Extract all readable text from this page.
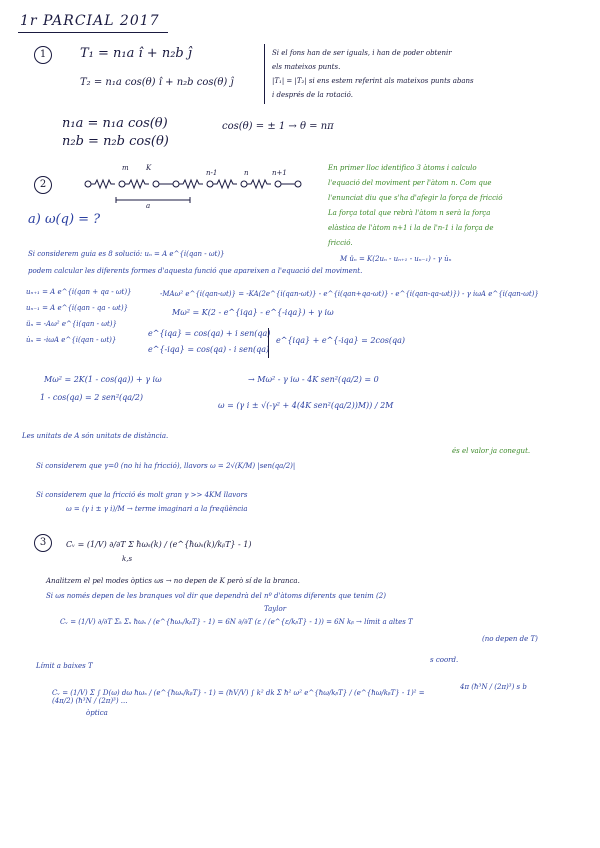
1r PARCIAL 2017
1	T₁ = n₁a î + n₂b ĵ
T₂ = n₁a cos(θ) î + n₂b cos(θ) ĵ
Si el fons han de ser iguals, i han de poder obtenir
els mateixos punts.
|T₁| = |T₂| si ens estem referint als mateixos punts abans
i després de la rotació.
n₁a = n₁a cos(θ)
n₂b = n₂b cos(θ)
cos(θ) = ± 1 → θ = nπ
2
m K
n-1	n	n+1
a
a) ω(q) = ?
En primer lloc identifico 3 àtoms i calculo
l'equació del moviment per l'àtom n. Com que
l'enunciat diu que s'ha d'afegir la força de fricció
La força total que rebrà l'àtom n serà la força
elàstica de l'àtom n+1 i la de l'n-1 i la força de
fricció.
Si considerem guia es 8 solució: uₙ = A e^{i(qan - ωt)}
M üₙ = K(2uₙ - uₙ₊₁ - uₙ₋₁) - γ u̇ₙ
podem calcular les diferents formes d'aquesta funció que apareixen a l'equació del moviment.
uₙ₊₁ = A e^{i(qan + qa - ωt)}
uₙ₋₁ = A e^{i(qan - qa - ωt)}
üₙ = -Aω² e^{i(qan - ωt)}
u̇ₙ = -iωA e^{i(qan - ωt)}
-MAω² e^{i(qan-ωt)} = -KA(2e^{i(qan-ωt)} - e^{i(qan+qa-ωt)} - e^{i(qan-qa-ωt)}) - γ iωA e^{i(qan-ωt)}
Mω² = K(2 - e^{iqa} - e^{-iqa}) + γ iω
e^{iqa} = cos(qa) + i sen(qa)
e^{-iqa} = cos(qa) - i sen(qa)
e^{iqa} + e^{-iqa} = 2cos(qa)
Mω² = 2K(1 - cos(qa)) + γ iω	→ Mω² - γ iω - 4K sen²(qa/2) = 0
1 - cos(qa) = 2 sen²(qa/2)
ω = (γ i ± √(-γ² + 4(4K sen²(qa/2))M)) / 2M
Les unitats de A són unitats de distància.
Si considerem que γ=0 (no hi ha fricció), llavors ω = 2√(K/M) |sen(qa/2)|
és el valor ja conegut.
Si considerem que la fricció és molt gran γ >> 4KM llavors
ω = (γ i ± γ i)/M → terme imaginari a la freqüència
3	Cᵥ = (1/V) ∂/∂T Σ ħωₛ(k) / (e^{ħωₛ(k)/kᵦT} - 1)
k,s
Analitzem el pel modes òptics ωs → no depen de K però sí de la branca.
Si ωs només depen de les branques vol dir que dependrà del nº d'àtoms diferents que tenim (2)
Taylor
Cᵥ = (1/V) ∂/∂T Σₖ Σₛ ħωₛ / (e^{ħωₛ/kᵦT} - 1) = 6N ∂/∂T (ε / (e^{ε/kᵦT} - 1)) = 6N kᵦ → límit a altes T
(no depen de T)
Límit a baixes T
s coord.
Cᵥ = (1/V) Σ ∫ D(ω) dω ħωₛ / (e^{ħωₛ/kᵦT} - 1) = (ħV/V) ∫ k² dk Σ ħ² ω² e^{ħω/kᵦT} / (e^{ħω/kᵦT} - 1)² = (4π/2) (ħ³N / (2π)³) ...
òptica
4π (ħ³N / (2π)³) s b
